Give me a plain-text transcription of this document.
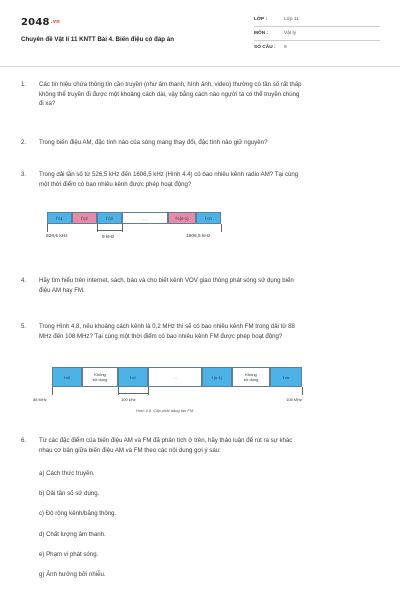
2048.vn
Chuyên đề Vật lí 11 KNTT Bài 4. Biến điệu có đáp án
LỚP :	Lớp 11
MÔN :	Vật lý
SỐ CÂU : 9
1.	Các tín hiệu chứa thông tin cần truyền (như âm thanh, hình ảnh, video) thường có tần số rất thấp
không thể truyền đi được một khoảng cách dài, vậy bằng cách nào người ta có thể truyền chúng
đi xa?
2.	Trong biến điệu AM, đặc tính nào của sóng mang thay đổi, đặc tính nào giữ nguyên?
3.	Trong dải tần số từ 526,5 kHz đến 1606,5 kHz (Hình 4.4) có bao nhiêu kênh radio AM? Tại cùng
một thời điểm có bao nhiêu kênh được phép hoạt động?
f c1	f c2	f c3	…	f c(n-1)	f cn
526,5 kHz	9 kHz	1606,5 kHz
4.	Hãy tìm hiểu trên internet, sách, báo và cho biết kênh VOV giao thông phát sóng sử dụng biến
điệu AM hay FM.
5.	Trong Hình 4.8, nếu khoảng cách kênh là 0,2 MHz thì sẽ có bao nhiêu kênh FM trong dải từ 88
MHz đến 108 MHz? Tại cùng một thời điểm có bao nhiêu kênh FM được phép hoạt động?
f c0	Không
sử dụng	f c1	…	f (n-1)	Không
sử dụng	f cn
88 MHz	100 kHz	108 MHz
Hình 4.8. Cấp phát băng tần FM
6.	Từ các đặc điểm của biến điệu AM và FM đã phân tích ở trên, hãy thảo luận để rút ra sự khác
nhau cơ bản giữa biến điệu AM và FM theo các nội dung gợi ý sau:
a) Cách thức truyền.
b) Dải tần số sử dụng.
c) Độ rộng kênh/băng thông.
d) Chất lượng âm thanh.
e) Phạm vi phát sóng.
g) Ảnh hưởng bởi nhiễu.
